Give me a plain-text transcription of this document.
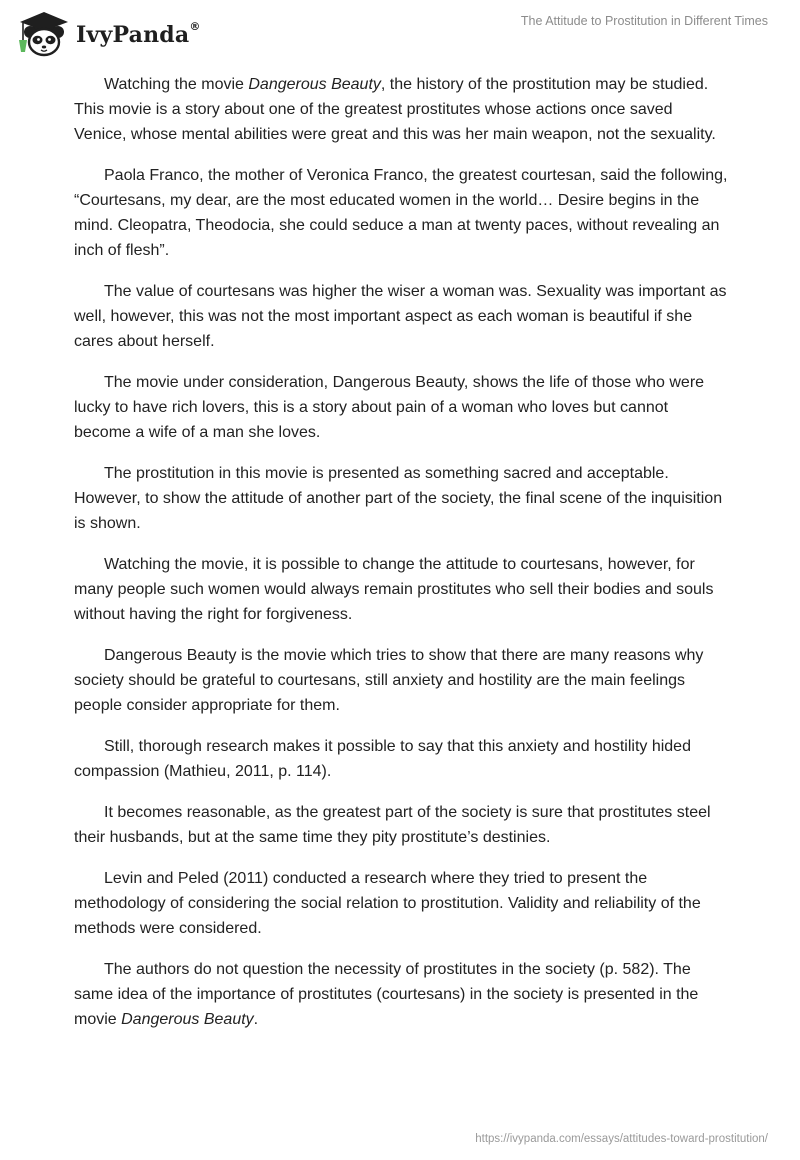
IvyPanda®	The Attitude to Prostitution in Different Times

Watching the movie Dangerous Beauty, the history of the prostitution may be studied. This movie is a story about one of the greatest prostitutes whose actions once saved Venice, whose mental abilities were great and this was her main weapon, not the sexuality.

Paola Franco, the mother of Veronica Franco, the greatest courtesan, said the following, “Courtesans, my dear, are the most educated women in the world… Desire begins in the mind. Cleopatra, Theodocia, she could seduce a man at twenty paces, without revealing an inch of flesh”.

The value of courtesans was higher the wiser a woman was. Sexuality was important as well, however, this was not the most important aspect as each woman is beautiful if she cares about herself.

The movie under consideration, Dangerous Beauty, shows the life of those who were lucky to have rich lovers, this is a story about pain of a woman who loves but cannot become a wife of a man she loves.

The prostitution in this movie is presented as something sacred and acceptable. However, to show the attitude of another part of the society, the final scene of the inquisition is shown.

Watching the movie, it is possible to change the attitude to courtesans, however, for many people such women would always remain prostitutes who sell their bodies and souls without having the right for forgiveness.

Dangerous Beauty is the movie which tries to show that there are many reasons why society should be grateful to courtesans, still anxiety and hostility are the main feelings people consider appropriate for them.

Still, thorough research makes it possible to say that this anxiety and hostility hided compassion (Mathieu, 2011, p. 114).

It becomes reasonable, as the greatest part of the society is sure that prostitutes steel their husbands, but at the same time they pity prostitute’s destinies.

Levin and Peled (2011) conducted a research where they tried to present the methodology of considering the social relation to prostitution. Validity and reliability of the methods were considered.

The authors do not question the necessity of prostitutes in the society (p. 582). The same idea of the importance of prostitutes (courtesans) in the society is presented in the movie Dangerous Beauty.

https://ivypanda.com/essays/attitudes-toward-prostitution/
